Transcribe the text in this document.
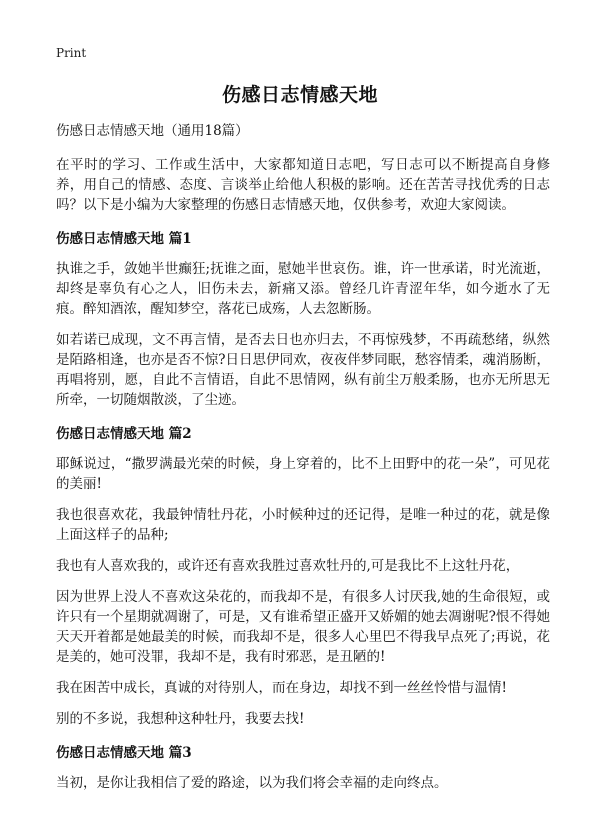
Print
伤感日志情感天地
伤感日志情感天地（通用18篇）

在平时的学习、工作或生活中，大家都知道日志吧，写日志可以不断提高自身修养，用自己的情感、态度、言谈举止给他人积极的影响。还在苦苦寻找优秀的日志吗？以下是小编为大家整理的伤感日志情感天地，仅供参考，欢迎大家阅读。

伤感日志情感天地 篇1

执谁之手，敛她半世癫狂;抚谁之面，慰她半世哀伤。谁，许一世承诺，时光流逝，却终是辜负有心之人，旧伤未去，新痛又添。曾经几许青涩年华，如今逝水了无痕。醉知酒浓，醒知梦空，落花已成殇，人去忽断肠。

如若诺已成现，文不再言情，是否去日也亦归去，不再惊残梦，不再疏愁绪，纵然是陌路相逢，也亦是否不惊?日日思伊同欢，夜夜伴梦同眠，愁容情柔，魂消肠断，再唱将别，愿，自此不言情语，自此不思情网，纵有前尘万般柔肠，也亦无所思无所牵，一切随烟散淡，了尘迹。

伤感日志情感天地 篇2

耶稣说过，“撒罗满最光荣的时候，身上穿着的，比不上田野中的花一朵”，可见花的美丽!

我也很喜欢花，我最钟情牡丹花，小时候种过的还记得，是唯一种过的花，就是像上面这样子的品种;

我也有人喜欢我的，或许还有喜欢我胜过喜欢牡丹的,可是我比不上这牡丹花，

因为世界上没人不喜欢这朵花的，而我却不是，有很多人讨厌我,她的生命很短，或许只有一个星期就凋谢了，可是，又有谁希望正盛开又娇媚的她去凋谢呢?恨不得她天天开着都是她最美的时候，而我却不是，很多人心里巴不得我早点死了;再说，花是美的，她可没罪，我却不是，我有时邪恶，是丑陋的!

我在困苦中成长，真诚的对待别人，而在身边，却找不到一丝丝怜惜与温情!

别的不多说，我想种这种牡丹，我要去找!

伤感日志情感天地 篇3

当初，是你让我相信了爱的路途，以为我们将会幸福的走向终点。
